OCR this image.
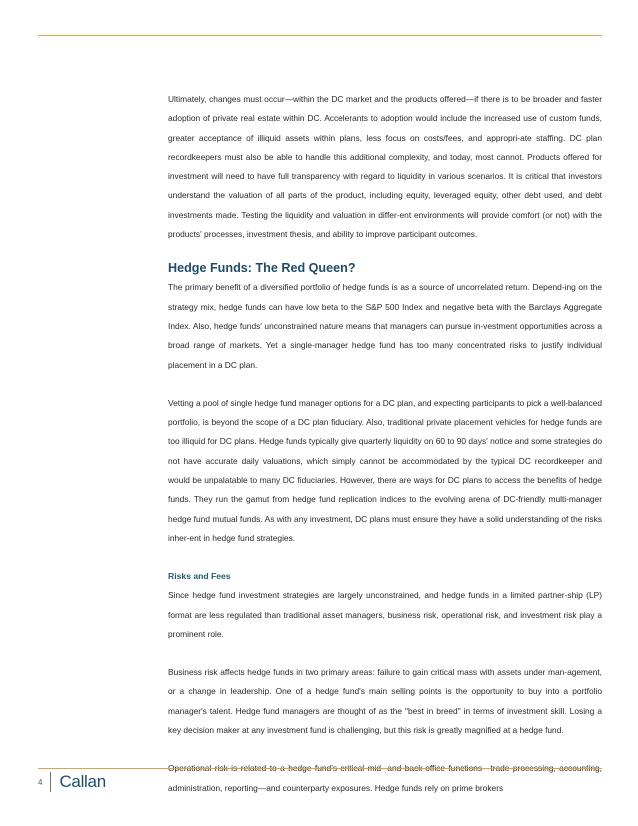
Ultimately, changes must occur—within the DC market and the products offered—if there is to be broader and faster adoption of private real estate within DC. Accelerants to adoption would include the increased use of custom funds, greater acceptance of illiquid assets within plans, less focus on costs/fees, and appropri-ate staffing. DC plan recordkeepers must also be able to handle this additional complexity, and today, most cannot. Products offered for investment will need to have full transparency with regard to liquidity in various scenarios. It is critical that investors understand the valuation of all parts of the product, including equity, leveraged equity, other debt used, and debt investments made. Testing the liquidity and valuation in differ-ent environments will provide comfort (or not) with the products' processes, investment thesis, and ability to improve participant outcomes.

Hedge Funds: The Red Queen?

The primary benefit of a diversified portfolio of hedge funds is as a source of uncorrelated return. Depend-ing on the strategy mix, hedge funds can have low beta to the S&P 500 Index and negative beta with the Barclays Aggregate Index. Also, hedge funds' unconstrained nature means that managers can pursue in-vestment opportunities across a broad range of markets. Yet a single-manager hedge fund has too many concentrated risks to justify individual placement in a DC plan.

Vetting a pool of single hedge fund manager options for a DC plan, and expecting participants to pick a well-balanced portfolio, is beyond the scope of a DC plan fiduciary. Also, traditional private placement vehicles for hedge funds are too illiquid for DC plans. Hedge funds typically give quarterly liquidity on 60 to 90 days' notice and some strategies do not have accurate daily valuations, which simply cannot be accommodated by the typical DC recordkeeper and would be unpalatable to many DC fiduciaries. However, there are ways for DC plans to access the benefits of hedge funds. They run the gamut from hedge fund replication indices to the evolving arena of DC-friendly multi-manager hedge fund mutual funds. As with any investment, DC plans must ensure they have a solid understanding of the risks inher-ent in hedge fund strategies.

Risks and Fees

Since hedge fund investment strategies are largely unconstrained, and hedge funds in a limited partner-ship (LP) format are less regulated than traditional asset managers, business risk, operational risk, and investment risk play a prominent role.

Business risk affects hedge funds in two primary areas: failure to gain critical mass with assets under man-agement, or a change in leadership. One of a hedge fund's main selling points is the opportunity to buy into a portfolio manager's talent. Hedge fund managers are thought of as the "best in breed" in terms of investment skill. Losing a key decision maker at any investment fund is challenging, but this risk is greatly magnified at a hedge fund.

administration, reporting—and counterparty exposures. Hedge funds rely on prime brokers

4 Callan
